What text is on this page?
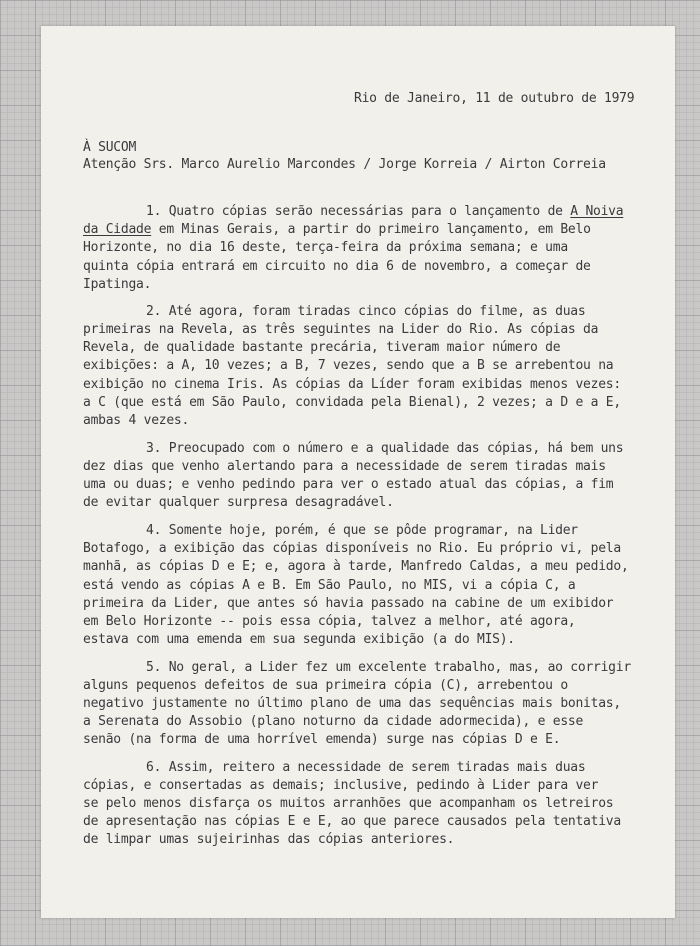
Rio de Janeiro, 11 de outubro de 1979
À SUCOM
Atenção Srs. Marco Aurelio Marcondes / Jorge Korreia / Airton Correia
1. Quatro cópias serão necessárias para o lançamento de A Noiva
da Cidade em Minas Gerais, a partir do primeiro lançamento, em Belo
Horizonte, no dia 16 deste, terça-feira da próxima semana; e uma
quinta cópia entrará em circuito no dia 6 de novembro, a começar de
Ipatinga.
2. Até agora, foram tiradas cinco cópias do filme, as duas
primeiras na Revela, as três seguintes na Lider do Rio. As cópias da
Revela, de qualidade bastante precária, tiveram maior número de
exibições: a A, 10 vezes; a B, 7 vezes, sendo que a B se arrebentou na
exibição no cinema Iris. As cópias da Líder foram exibidas menos vezes:
a C (que está em São Paulo, convidada pela Bienal), 2 vezes; a D e a E,
ambas 4 vezes.
3. Preocupado com o número e a qualidade das cópias, há bem uns
dez dias que venho alertando para a necessidade de serem tiradas mais
uma ou duas; e venho pedindo para ver o estado atual das cópias, a fim
de evitar qualquer surpresa desagradável.
4. Somente hoje, porém, é que se pôde programar, na Lider
Botafogo, a exibição das cópias disponíveis no Rio. Eu próprio vi, pela
manhã, as cópias D e E; e, agora à tarde, Manfredo Caldas, a meu pedido,
está vendo as cópias A e B. Em São Paulo, no MIS, vi a cópia C, a
primeira da Lider, que antes só havia passado na cabine de um exibidor
em Belo Horizonte -- pois essa cópia, talvez a melhor, até agora,
estava com uma emenda em sua segunda exibição (a do MIS).
5. No geral, a Lider fez um excelente trabalho, mas, ao corrigir
alguns pequenos defeitos de sua primeira cópia (C), arrebentou o
negativo justamente no último plano de uma das sequências mais bonitas,
a Serenata do Assobio (plano noturno da cidade adormecida), e esse
senão (na forma de uma horrível emenda) surge nas cópias D e E.
6. Assim, reitero a necessidade de serem tiradas mais duas
cópias, e consertadas as demais; inclusive, pedindo à Lider para ver
se pelo menos disfarça os muitos arranhões que acompanham os letreiros
de apresentação nas cópias E e E, ao que parece causados pela tentativa
de limpar umas sujeirinhas das cópias anteriores.
